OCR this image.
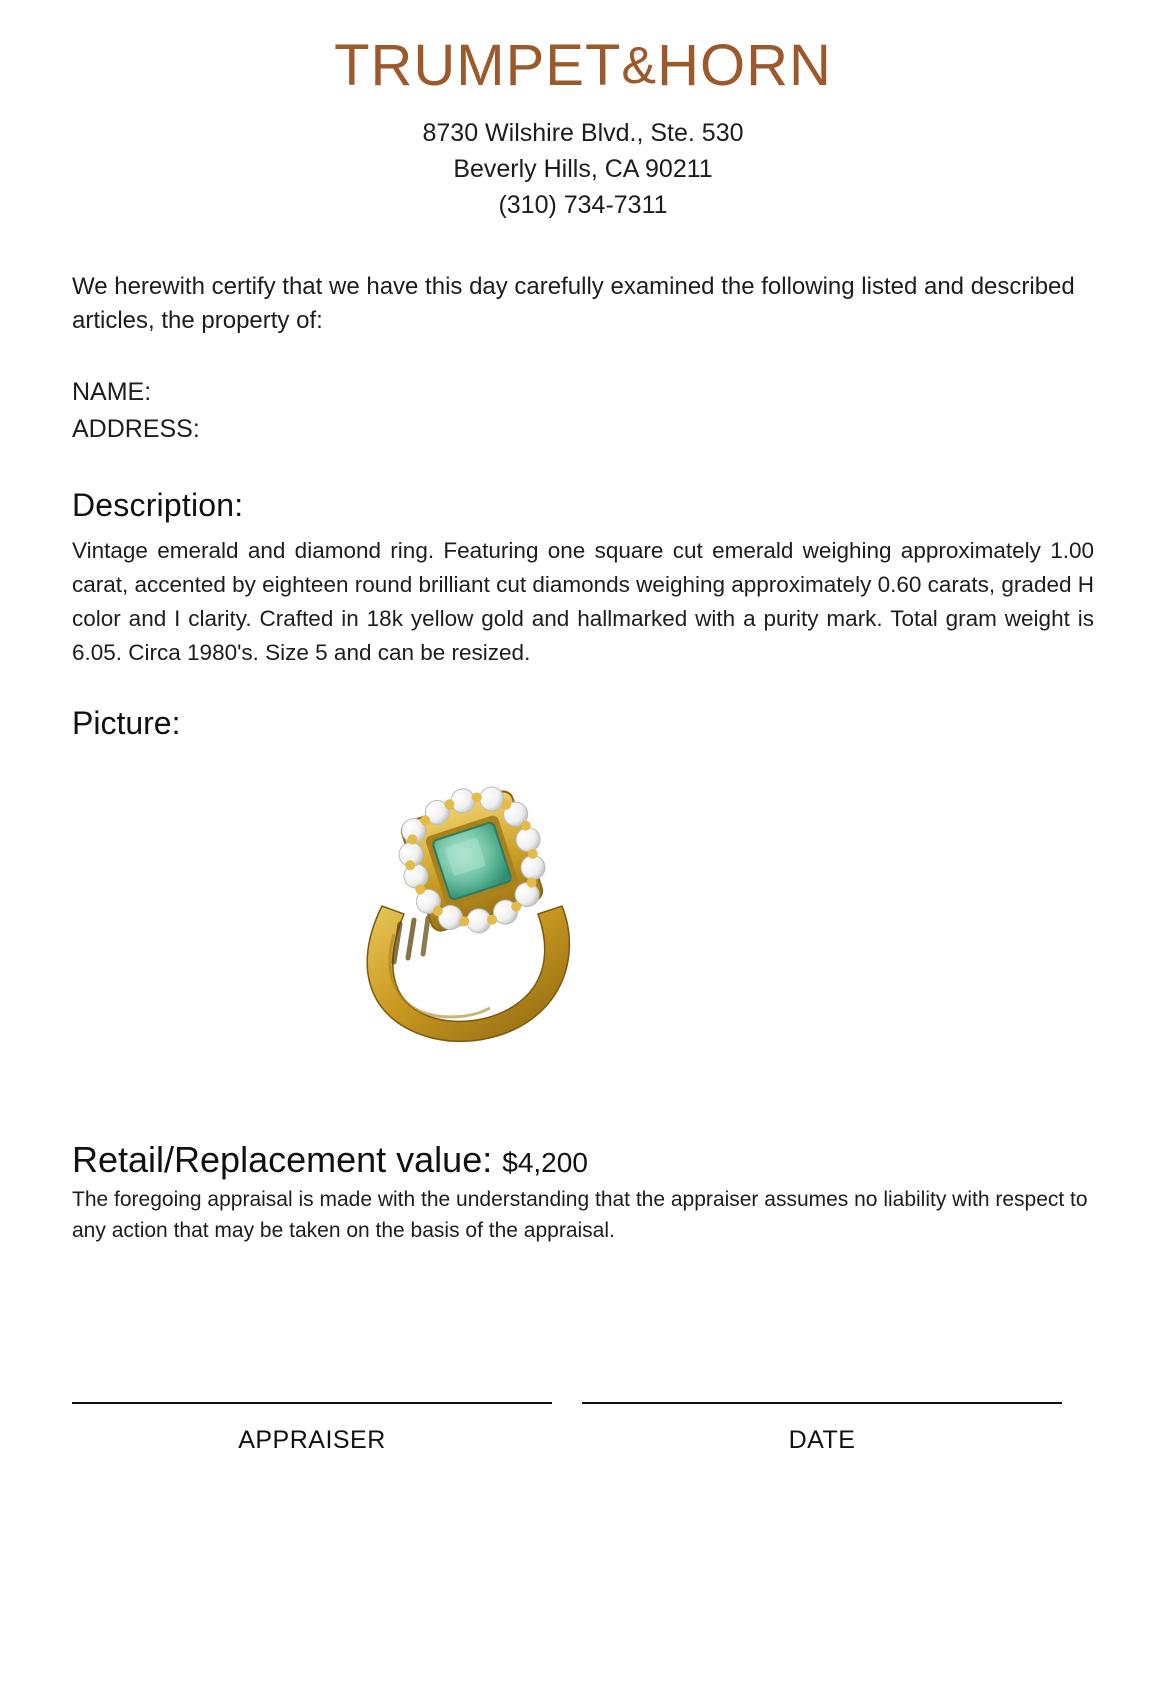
TRUMPET&HORN
8730 Wilshire Blvd., Ste. 530
Beverly Hills, CA 90211
(310) 734-7311
We herewith certify that we have this day carefully examined the following listed and described articles, the property of:
NAME:
ADDRESS:
Description:
Vintage emerald and diamond ring. Featuring one square cut emerald weighing approximately 1.00 carat, accented by eighteen round brilliant cut diamonds weighing approximately 0.60 carats, graded H color and I clarity. Crafted in 18k yellow gold and hallmarked with a purity mark. Total gram weight is 6.05. Circa 1980's. Size 5 and can be resized.
Picture:
Retail/Replacement value: $4,200
The foregoing appraisal is made with the understanding that the appraiser assumes no liability with respect to any action that may be taken on the basis of the appraisal.
APPRAISER	DATE
